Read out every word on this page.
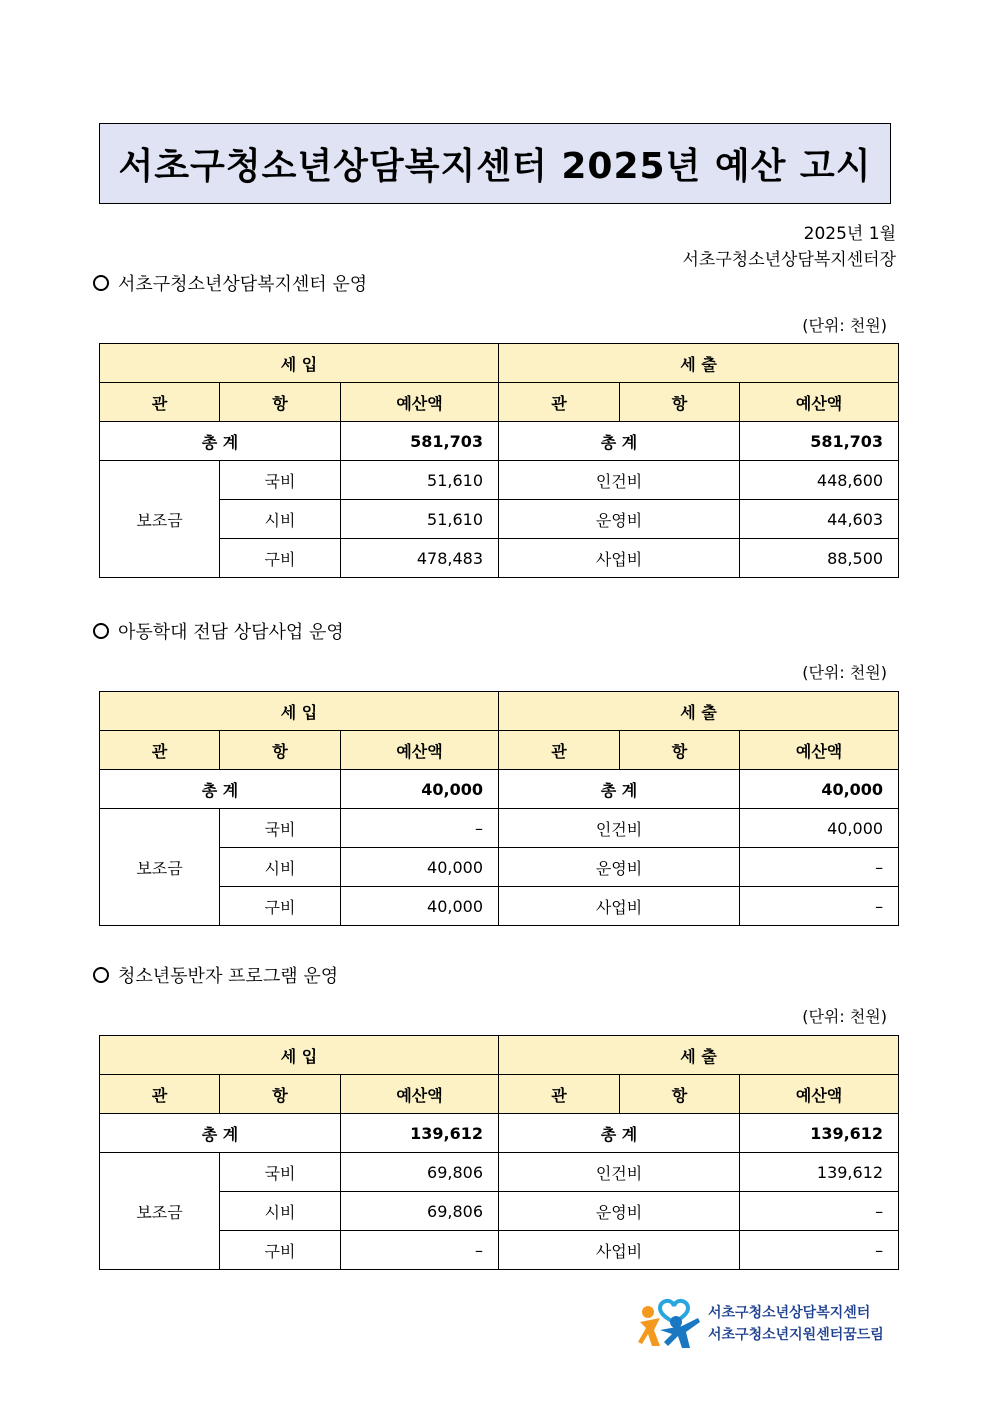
서초구청소년상담복지센터 2025년 예산 고시
2025년 1월
서초구청소년상담복지센터장
서초구청소년상담복지센터 운영
(단위: 천원)
세 입			세 출		
관	항	예산액	관	항	예산액
총 계		581,703	총 계		581,703
보조금	국비	51,610	인건비		448,600
	시비	51,610	운영비		44,603
	구비	478,483	사업비		88,500
아동학대 전담 상담사업 운영
(단위: 천원)
세 입			세 출		
관	항	예산액	관	항	예산액
총 계		40,000	총 계		40,000
보조금	국비	–	인건비		40,000
	시비	40,000	운영비		–
	구비	40,000	사업비		–
청소년동반자 프로그램 운영
(단위: 천원)
세 입			세 출		
관	항	예산액	관	항	예산액
총 계		139,612	총 계		139,612
보조금	국비	69,806	인건비		139,612
	시비	69,806	운영비		–
	구비	–	사업비		–
서초구청소년상담복지센터
서초구청소년지원센터꿈드림
